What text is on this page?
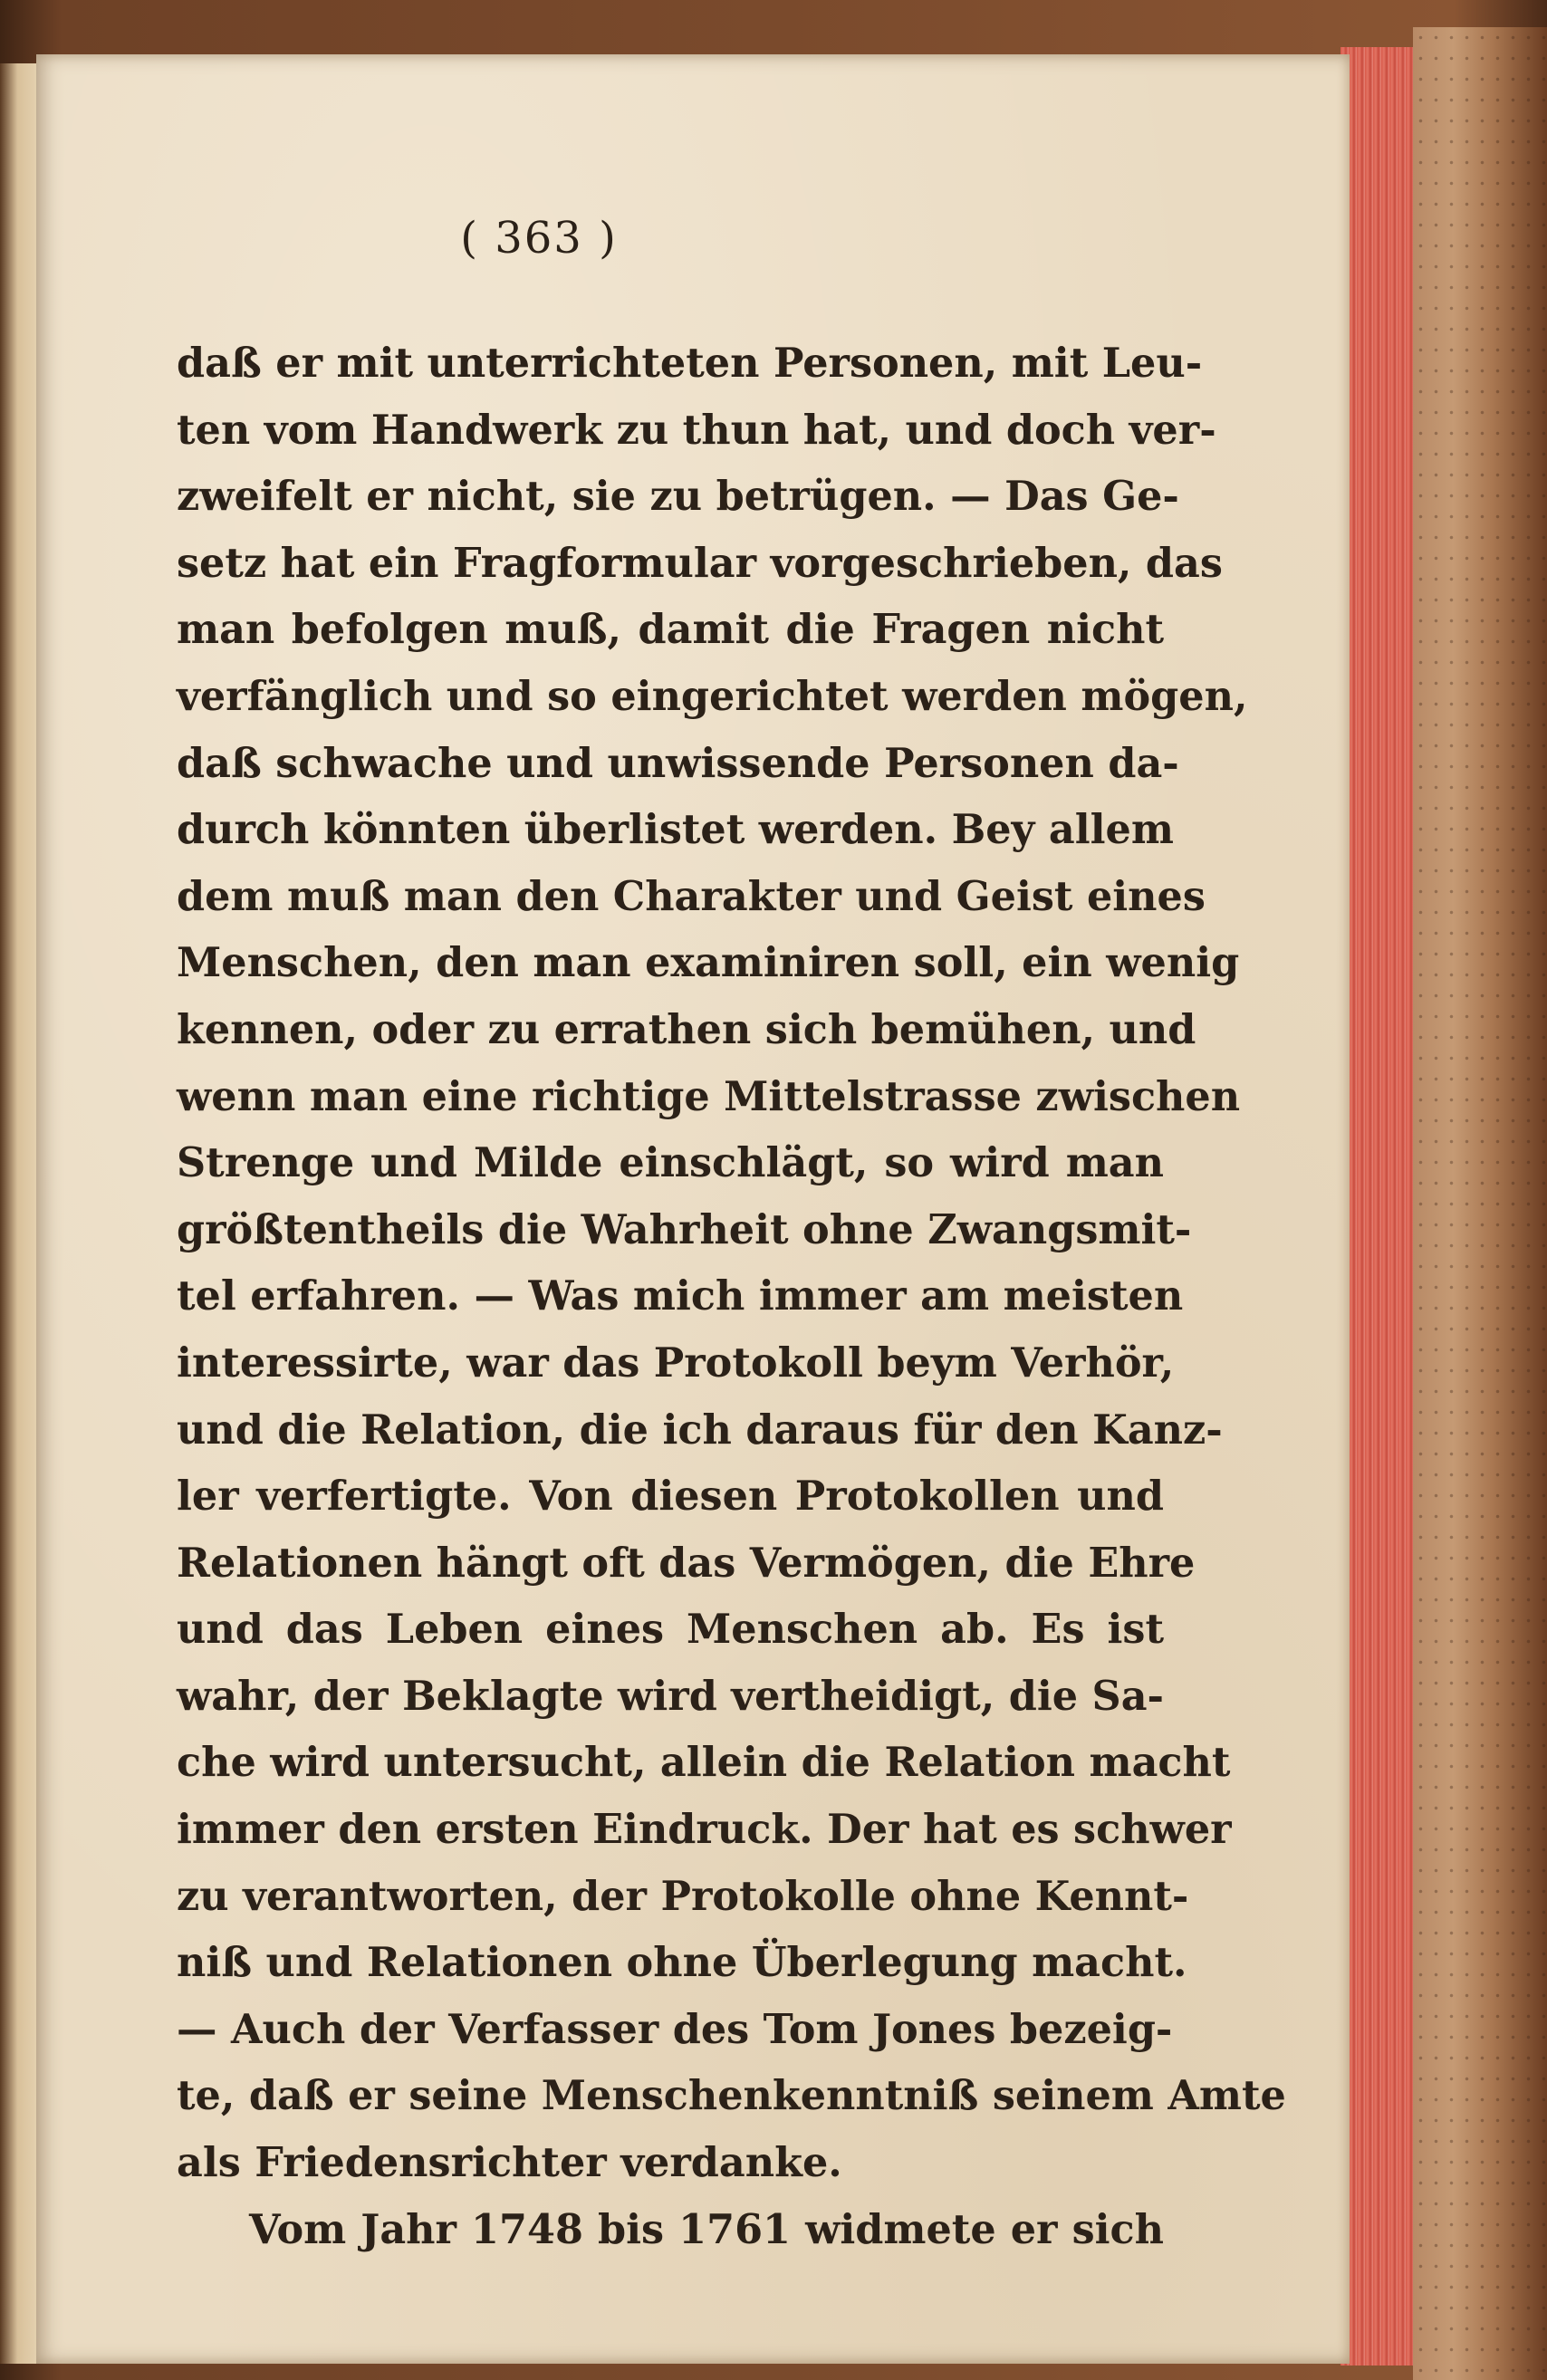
( 363 )
daß er mit unterrichteten Personen, mit Leu-
ten vom Handwerk zu thun hat, und doch ver-
zweifelt er nicht, sie zu betrügen. — Das Ge-
setz hat ein Fragformular vorgeschrieben, das
man befolgen muß, damit die Fragen nicht
verfänglich und so eingerichtet werden mögen,
daß schwache und unwissende Personen da-
durch könnten überlistet werden. Bey allem
dem muß man den Charakter und Geist eines
Menschen, den man examiniren soll, ein wenig
kennen, oder zu errathen sich bemühen, und
wenn man eine richtige Mittelstrasse zwischen
Strenge und Milde einschlägt, so wird man
größtentheils die Wahrheit ohne Zwangsmit-
tel erfahren. — Was mich immer am meisten
interessirte, war das Protokoll beym Verhör,
und die Relation, die ich daraus für den Kanz-
ler verfertigte. Von diesen Protokollen und
Relationen hängt oft das Vermögen, die Ehre
und das Leben eines Menschen ab. Es ist
wahr, der Beklagte wird vertheidigt, die Sa-
che wird untersucht, allein die Relation macht
immer den ersten Eindruck. Der hat es schwer
zu verantworten, der Protokolle ohne Kennt-
niß und Relationen ohne Überlegung macht.
— Auch der Verfasser des Tom Jones bezeig-
te, daß er seine Menschenkenntniß seinem Amte
als Friedensrichter verdanke.
Vom Jahr 1748 bis 1761 widmete er sich
